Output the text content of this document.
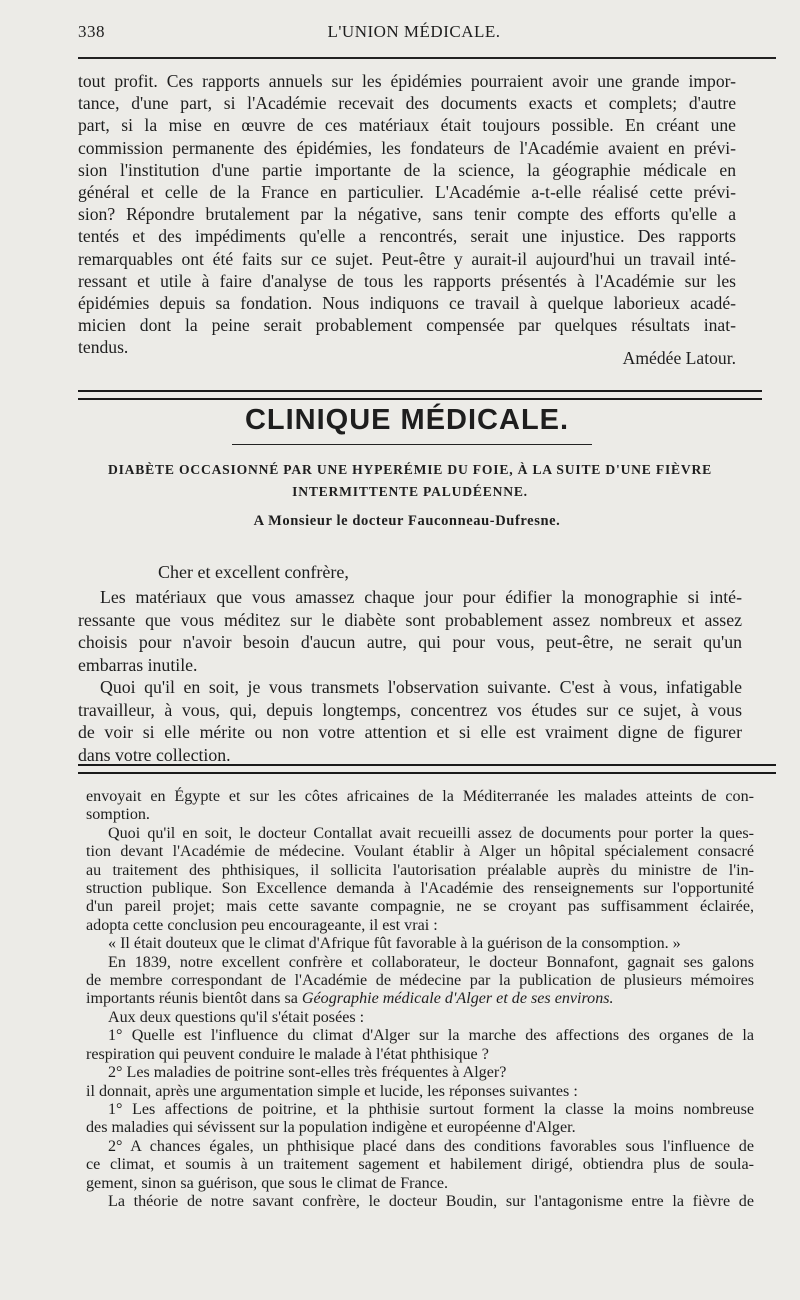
338	L'UNION MÉDICALE.
tout profit. Ces rapports annuels sur les épidémies pourraient avoir une grande impor-
tance, d'une part, si l'Académie recevait des documents exacts et complets; d'autre
part, si la mise en œuvre de ces matériaux était toujours possible. En créant une
commission permanente des épidémies, les fondateurs de l'Académie avaient en prévi-
sion l'institution d'une partie importante de la science, la géographie médicale en
général et celle de la France en particulier. L'Académie a-t-elle réalisé cette prévi-
sion? Répondre brutalement par la négative, sans tenir compte des efforts qu'elle a
tentés et des impédiments qu'elle a rencontrés, serait une injustice. Des rapports
remarquables ont été faits sur ce sujet. Peut-être y aurait-il aujourd'hui un travail inté-
ressant et utile à faire d'analyse de tous les rapports présentés à l'Académie sur les
épidémies depuis sa fondation. Nous indiquons ce travail à quelque laborieux acadé-
micien dont la peine serait probablement compensée par quelques résultats inat-
tendus.
Amédée Latour.
CLINIQUE MÉDICALE.
DIABÈTE OCCASIONNÉ PAR UNE HYPERÉMIE DU FOIE, À LA SUITE D'UNE FIÈVRE
INTERMITTENTE PALUDÉENNE.
A Monsieur le docteur Fauconneau-Dufresne.
Cher et excellent confrère,
Les matériaux que vous amassez chaque jour pour édifier la monographie si inté-
ressante que vous méditez sur le diabète sont probablement assez nombreux et assez
choisis pour n'avoir besoin d'aucun autre, qui pour vous, peut-être, ne serait qu'un
embarras inutile.
Quoi qu'il en soit, je vous transmets l'observation suivante. C'est à vous, infatigable
travailleur, à vous, qui, depuis longtemps, concentrez vos études sur ce sujet, à vous
de voir si elle mérite ou non votre attention et si elle est vraiment digne de figurer
dans votre collection.
envoyait en Égypte et sur les côtes africaines de la Méditerranée les malades atteints de con-
somption.
Quoi qu'il en soit, le docteur Contallat avait recueilli assez de documents pour porter la ques-
tion devant l'Académie de médecine. Voulant établir à Alger un hôpital spécialement consacré
au traitement des phthisiques, il sollicita l'autorisation préalable auprès du ministre de l'in-
struction publique. Son Excellence demanda à l'Académie des renseignements sur l'opportunité
d'un pareil projet; mais cette savante compagnie, ne se croyant pas suffisamment éclairée,
adopta cette conclusion peu encourageante, il est vrai :
« Il était douteux que le climat d'Afrique fût favorable à la guérison de la consomption. »
En 1839, notre excellent confrère et collaborateur, le docteur Bonnafont, gagnait ses galons
de membre correspondant de l'Académie de médecine par la publication de plusieurs mémoires
importants réunis bientôt dans sa Géographie médicale d'Alger et de ses environs.
Aux deux questions qu'il s'était posées :
1° Quelle est l'influence du climat d'Alger sur la marche des affections des organes de la
respiration qui peuvent conduire le malade à l'état phthisique ?
2° Les maladies de poitrine sont-elles très fréquentes à Alger?
il donnait, après une argumentation simple et lucide, les réponses suivantes :
1° Les affections de poitrine, et la phthisie surtout forment la classe la moins nombreuse
des maladies qui sévissent sur la population indigène et européenne d'Alger.
2° A chances égales, un phthisique placé dans des conditions favorables sous l'influence de
ce climat, et soumis à un traitement sagement et habilement dirigé, obtiendra plus de soula-
gement, sinon sa guérison, que sous le climat de France.
La théorie de notre savant confrère, le docteur Boudin, sur l'antagonisme entre la fièvre de
